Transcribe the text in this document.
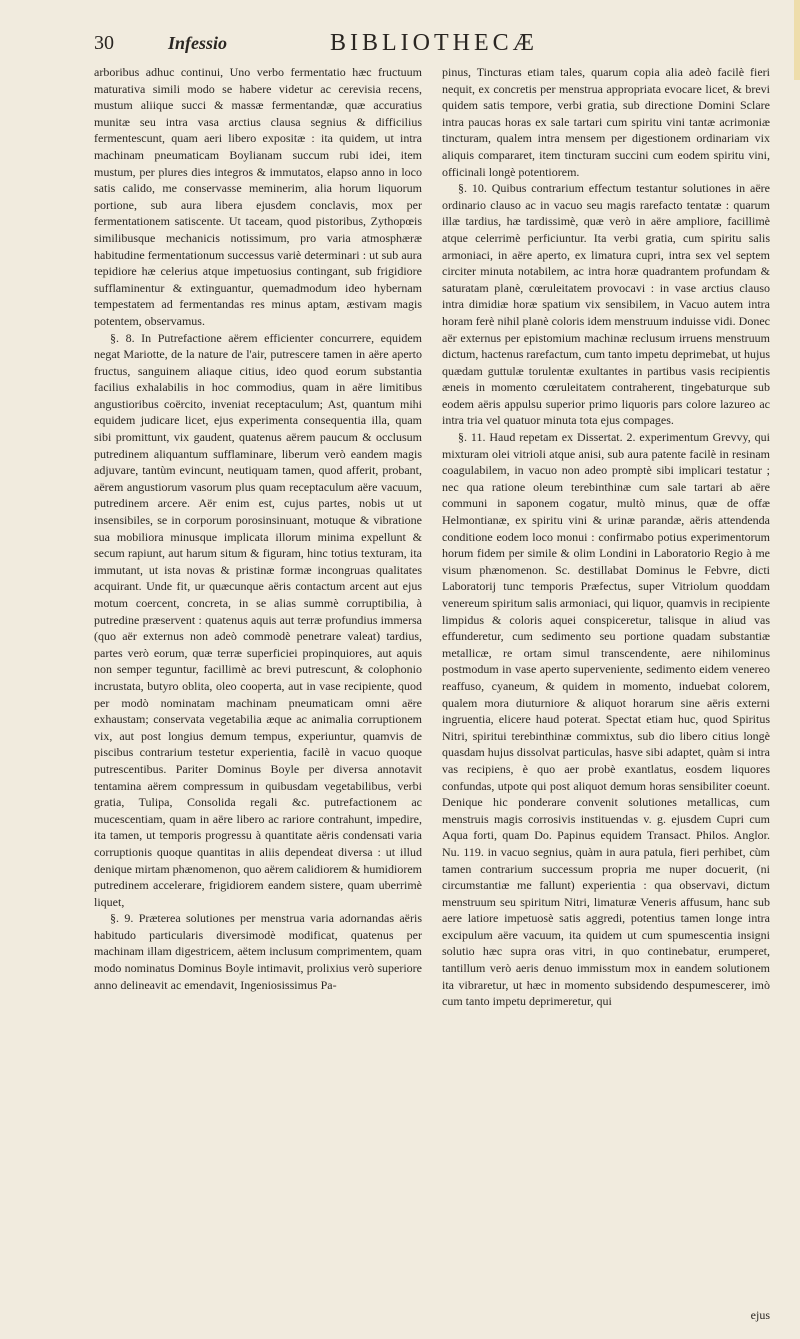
30	Infessio	BIBLIOTHECÆ

arboribus adhuc continui, Uno verbo fermentatio hæc fructuum maturativa simili modo se habere videtur ac cerevisia recens, mustum aliique succi & massæ fermentandæ, quæ accuratius munitæ seu intra vasa arctius clausa segnius & difficilius fermentescunt, quam aeri libero expositæ : ita quidem, ut intra machinam pneumaticam Boylianam succum rubi idei, item mustum, per plures dies integros & immutatos, elapso anno in loco satis calido, me conservasse meminerim, alia horum liquorum portione, sub aura libera ejusdem conclavis, mox per fermentationem satiscente. Ut taceam, quod pistoribus, Zythopœis similibusque mechanicis notissimum, pro varia atmosphæræ habitudine fermentationum successus variè determinari : ut sub aura tepidiore hæ celerius atque impetuosius contingant, sub frigidiore sufflaminentur & extinguantur, quemadmodum ideo hybernam tempestatem ad fermentandas res minus aptam, æstivam magis potentem, observamus.

§. 8. In Putrefactione aërem efficienter concurrere, equidem negat Mariotte, de la nature de l'air, putrescere tamen in aëre aperto fructus, sanguinem aliaque citius, ideo quod eorum substantia facilius exhalabilis in hoc commodius, quam in aëre limitibus angustioribus coërcito, inveniat receptaculum; Ast, quantum mihi equidem judicare licet, ejus experimenta consequentia illa, quam sibi promittunt, vix gaudent, quatenus aërem paucum & occlusum putredinem aliquantum sufflaminare, liberum verò eandem magis adjuvare, tantùm evincunt, neutiquam tamen, quod afferit, probant, aërem angustiorum vasorum plus quam receptaculum aëre vacuum, putredinem arcere. Aër enim est, cujus partes, nobis ut ut insensibiles, se in corporum porosinsinuant, motuque & vibratione sua mobiliora minusque implicata illorum minima expellunt & secum rapiunt, aut harum situm & figuram, hinc totius texturam, ita immutant, ut ista novas & pristinæ formæ incongruas qualitates acquirant. Unde fit, ur quæcunque aëris contactum arcent aut ejus motum coercent, concreta, in se alias summè corruptibilia, à putredine præservent : quatenus aquis aut terræ profundius immersa (quo aër externus non adeò commodè penetrare valeat) tardius, partes verò eorum, quæ terræ superficiei propinquiores, aut aquis non semper teguntur, facillimè ac brevi putrescunt, & colophonio incrustata, butyro oblita, oleo cooperta, aut in vase recipiente, quod per modò nominatam machinam pneumaticam omni aëre exhaustam; conservata vegetabilia æque ac animalia corruptionem vix, aut post longius demum tempus, experiuntur, quamvis de piscibus contrarium testetur experientia, facilè in vacuo quoque putrescentibus. Pariter Dominus Boyle per diversa annotavit tentamina aërem compressum in quibusdam vegetabilibus, verbi gratia, Tulipa, Consolida regali &c. putrefactionem ac mucescentiam, quam in aëre libero ac rariore contrahunt, impedire, ita tamen, ut temporis progressu à quantitate aëris condensati varia corruptionis quoque quantitas in aliis dependeat diversa : ut illud denique mirtam phænomenon, quo aërem calidiorem & humidiorem putredinem accelerare, frigidiorem eandem sistere, quam uberrimè liquet,

§. 9. Præterea solutiones per menstrua varia adornandas aëris habitudo particularis diversimodè modificat, quatenus per machinam illam digestricem, aëtem inclusum comprimentem, quam modo nominatus Dominus Boyle intimavit, prolixius verò superiore anno delineavit ac emendavit, Ingeniosissimus Pa-

pinus, Tincturas etiam tales, quarum copia alia adeò facilè fieri nequit, ex concretis per menstrua appropriata evocare licet, & brevi quidem satis tempore, verbi gratia, sub directione Domini Sclare intra paucas horas ex sale tartari cum spiritu vini tantæ acrimoniæ tincturam, qualem intra mensem per digestionem ordinariam vix aliquis compararet, item tincturam succini cum eodem spiritu vini, officinali longè potentiorem.

§. 10. Quibus contrarium effectum testantur solutiones in aëre ordinario clauso ac in vacuo seu magis rarefacto tentatæ : quarum illæ tardius, hæ tardissimè, quæ verò in aëre ampliore, facillimè atque celerrimè perficiuntur. Ita verbi gratia, cum spiritu salis armoniaci, in aëre aperto, ex limatura cupri, intra sex vel septem circiter minuta notabilem, ac intra horæ quadrantem profundam & saturatam planè, cœruleitatem provocavi : in vase arctius clauso intra dimidiæ horæ spatium vix sensibilem, in Vacuo autem intra horam ferè nihil planè coloris idem menstruum induisse vidi. Donec aër externus per epistomium machinæ reclusum irruens menstruum dictum, hactenus rarefactum, cum tanto impetu deprimebat, ut hujus quædam guttulæ torulentæ exultantes in partibus vasis recipientis æneis in momento cœruleitatem contraherent, tingebaturque sub eodem aëris appulsu superior primo liquoris pars colore lazureo ac intra tria vel quatuor minuta tota ejus compages.

§. 11. Haud repetam ex Dissertat. 2. experimentum Grevvy, qui mixturam olei vitrioli atque anisi, sub aura patente facilè in resinam coagulabilem, in vacuo non adeo promptè sibi implicari testatur ; nec qua ratione oleum terebinthinæ cum sale tartari ab aëre communi in saponem cogatur, multò minus, quæ de offæ Helmontianæ, ex spiritu vini & urinæ parandæ, aëris attendenda conditione eodem loco monui : confirmabo potius experimentorum horum fidem per simile & olim Londini in Laboratorio Regio à me visum phænomenon. Sc. destillabat Dominus le Febvre, dicti Laboratorij tunc temporis Præfectus, super Vitriolum quoddam venereum spiritum salis armoniaci, qui liquor, quamvis in recipiente limpidus & coloris aquei conspiceretur, talisque in aliud vas effunderetur, cum sedimento seu portione quadam substantiæ metallicæ, re ortam simul transcendente, aere nihilominus postmodum in vase aperto superveniente, sedimento eidem venereo reaffuso, cyaneum, & quidem in momento, induebat colorem, qualem mora diuturniore & aliquot horarum sine aëris externi ingruentia, elicere haud poterat. Spectat etiam huc, quod Spiritus Nitri, spiritui terebinthinæ commixtus, sub dio libero citius longè quasdam hujus dissolvat particulas, hasve sibi adaptet, quàm si intra vas recipiens, è quo aer probè exantlatus, eosdem liquores confundas, utpote qui post aliquot demum horas sensibiliter coeunt. Denique hic ponderare convenit solutiones metallicas, cum menstruis magis corrosivis instituendas v. g. ejusdem Cupri cum Aqua forti, quam Do. Papinus equidem Transact. Philos. Anglor. Nu. 119. in vacuo segnius, quàm in aura patula, fieri perhibet, cùm tamen contrarium successum propria me nuper docuerit, (ni circumstantiæ me fallunt) experientia : qua observavi, dictum menstruum seu spiritum Nitri, limaturæ Veneris affusum, hanc sub aere latiore impetuosè satis aggredi, potentius tamen longe intra excipulum aëre vacuum, ita quidem ut cum spumescentia insigni solutio hæc supra oras vitri, in quo continebatur, erumperet, tantillum verò aeris denuo immisstum mox in eandem solutionem ita vibraretur, ut hæc in momento subsidendo despumescerer, imò cum tanto impetu deprimeretur, qui

ejus
